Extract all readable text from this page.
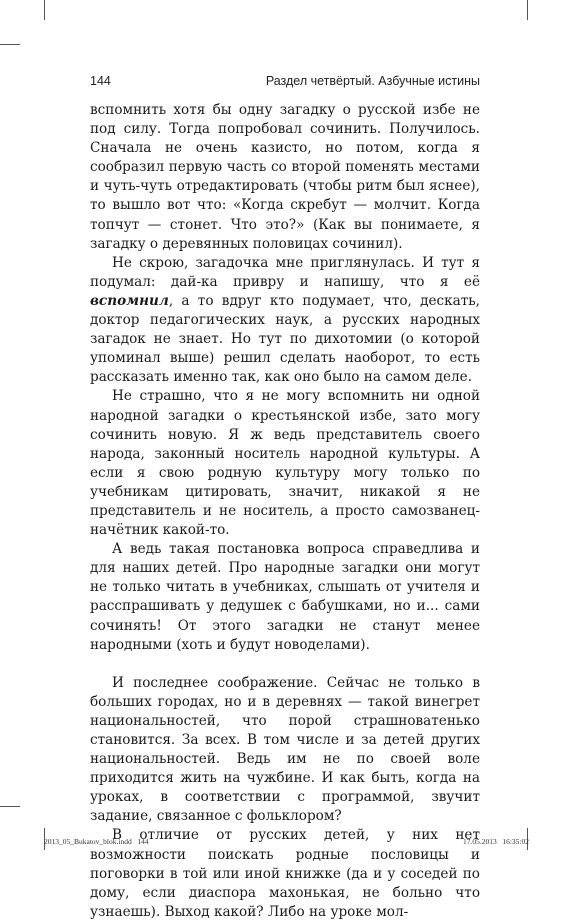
144	Раздел четвёртый. Азбучные истины

вспомнить хотя бы одну загадку о русской избе не под силу. Тогда попробовал сочинить. Получилось. Сначала не очень казисто, но потом, когда я сообразил первую часть со второй поменять местами и чуть-чуть отредактировать (чтобы ритм был яснее), то вышло вот что: «Когда скребут — молчит. Когда топчут — стонет. Что это?» (Как вы понимаете, я загадку о деревянных половицах сочинил).

Не скрою, загадочка мне приглянулась. И тут я подумал: дай-ка привру и напишу, что я её вспомнил, а то вдруг кто подумает, что, дескать, доктор педагогических наук, а русских народных загадок не знает. Но тут по дихотомии (о которой упоминал выше) решил сделать наоборот, то есть рассказать именно так, как оно было на самом деле.

Не страшно, что я не могу вспомнить ни одной народной загадки о крестьянской избе, зато могу сочинить новую. Я ж ведь представитель своего народа, законный носитель народной культуры. А если я свою родную культуру могу только по учебникам цитировать, значит, никакой я не представитель и не носитель, а просто самозванецначётник какой-то.

А ведь такая постановка вопроса справедлива и для наших детей. Про народные загадки они могут не только читать в учебниках, слышать от учителя и расспрашивать у дедушек с бабушками, но и... сами сочинять! От этого загадки не станут менее народными (хоть и будут новоделами).

И последнее соображение. Сейчас не только в больших городах, но и в деревнях — такой винегрет национальностей, что порой страшноватенько становится. За всех. В том числе и за детей других национальностей. Ведь им не по своей воле приходится жить на чужбине. И как быть, когда на уроках, в соответствии с программой, звучит задание, связанное с фольклором?

В отличие от русских детей, у них нет возможности поискать родные пословицы и поговорки в той или иной книжке (да и у соседей по дому, если диаспора махонькая, не больно что узнаешь). Выход какой? Либо на уроке мол-

2013_05_Bukatov_blok.indd   144	17.05.2013   16:35:02
